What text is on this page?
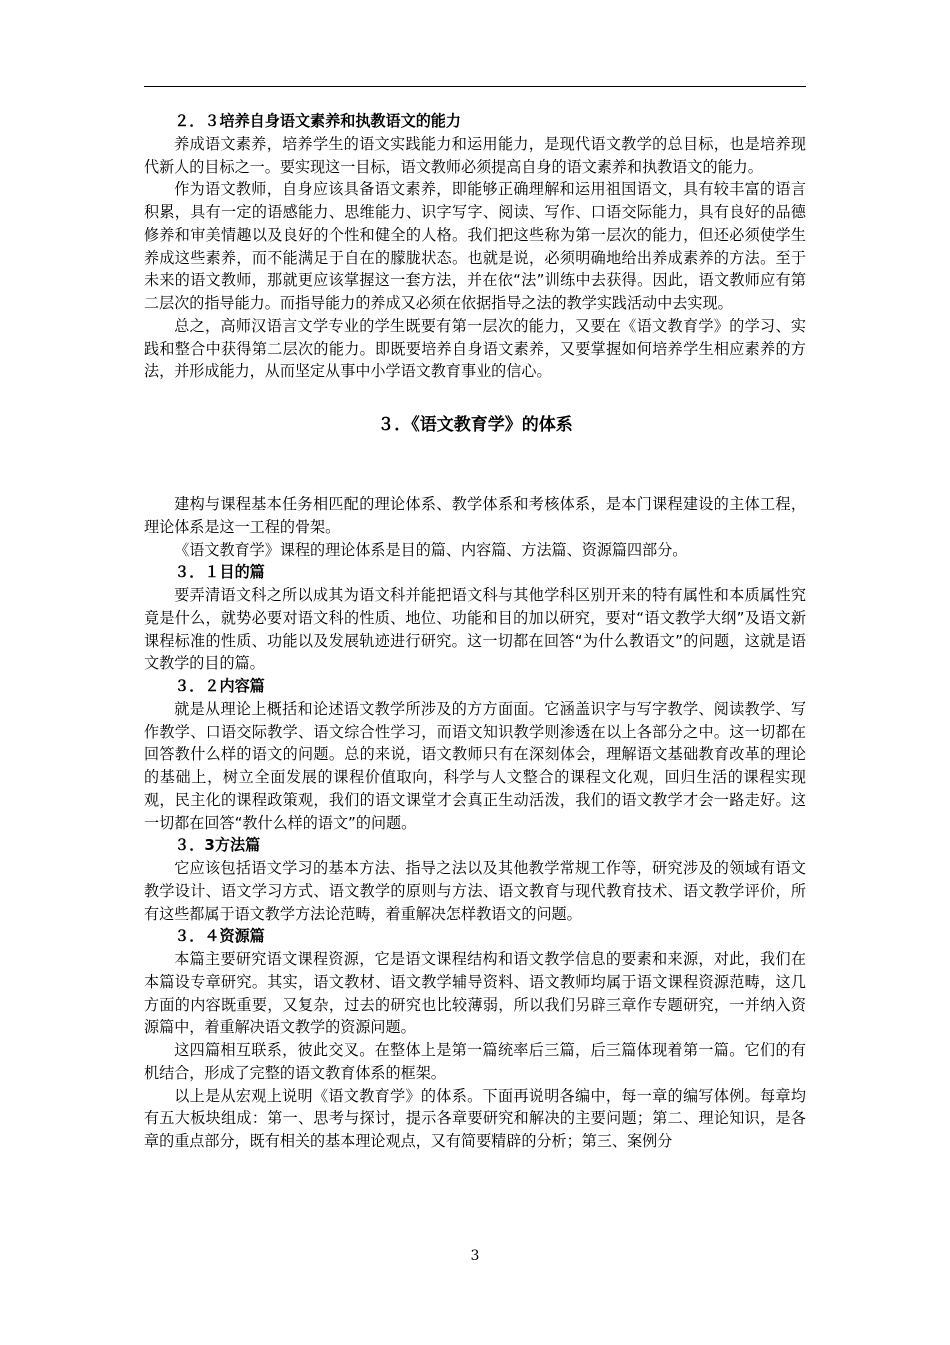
２．３培养自身语文素养和执教语文的能力

养成语文素养，培养学生的语文实践能力和运用能力，是现代语文教学的总目标，也是培养现代新人的目标之一。要实现这一目标，语文教师必须提高自身的语文素养和执教语文的能力。

作为语文教师，自身应该具备语文素养，即能够正确理解和运用祖国语文，具有较丰富的语言积累，具有一定的语感能力、思维能力、识字写字、阅读、写作、口语交际能力，具有良好的品德修养和审美情趣以及良好的个性和健全的人格。我们把这些称为第一层次的能力，但还必须使学生养成这些素养，而不能满足于自在的朦胧状态。也就是说，必须明确地给出养成素养的方法。至于未来的语文教师，那就更应该掌握这一套方法，并在依“法”训练中去获得。因此，语文教师应有第二层次的指导能力。而指导能力的养成又必须在依据指导之法的教学实践活动中去实现。

总之，高师汉语言文学专业的学生既要有第一层次的能力，又要在《语文教育学》的学习、实践和整合中获得第二层次的能力。即既要培养自身语文素养，又要掌握如何培养学生相应素养的方法，并形成能力，从而坚定从事中小学语文教育事业的信心。

３．《语文教育学》的体系

建构与课程基本任务相匹配的理论体系、教学体系和考核体系，是本门课程建设的主体工程，理论体系是这一工程的骨架。

《语文教育学》课程的理论体系是目的篇、内容篇、方法篇、资源篇四部分。

３．１目的篇

要弄清语文科之所以成其为语文科并能把语文科与其他学科区别开来的特有属性和本质属性究竟是什么，就势必要对语文科的性质、地位、功能和目的加以研究，要对“语文教学大纲”及语文新课程标准的性质、功能以及发展轨迹进行研究。这一切都在回答“为什么教语文”的问题，这就是语文教学的目的篇。

３．２内容篇

就是从理论上概括和论述语文教学所涉及的方方面面。它涵盖识字与写字教学、阅读教学、写作教学、口语交际教学、语文综合性学习，而语文知识教学则渗透在以上各部分之中。这一切都在回答教什么样的语文的问题。总的来说，语文教师只有在深刻体会，理解语文基础教育改革的理论的基础上，树立全面发展的课程价值取向，科学与人文整合的课程文化观，回归生活的课程实现观，民主化的课程政策观，我们的语文课堂才会真正生动活泼，我们的语文教学才会一路走好。这一切都在回答“教什么样的语文”的问题。

３．3方法篇

它应该包括语文学习的基本方法、指导之法以及其他教学常规工作等，研究涉及的领域有语文教学设计、语文学习方式、语文教学的原则与方法、语文教育与现代教育技术、语文教学评价，所有这些都属于语文教学方法论范畴，着重解决怎样教语文的问题。

３．４资源篇

本篇主要研究语文课程资源，它是语文课程结构和语文教学信息的要素和来源，对此，我们在本篇设专章研究。其实，语文教材、语文教学辅导资料、语文教师均属于语文课程资源范畴，这几方面的内容既重要，又复杂，过去的研究也比较薄弱，所以我们另辟三章作专题研究，一并纳入资源篇中，着重解决语文教学的资源问题。

这四篇相互联系，彼此交叉。在整体上是第一篇统率后三篇，后三篇体现着第一篇。它们的有机结合，形成了完整的语文教育体系的框架。

以上是从宏观上说明《语文教育学》的体系。下面再说明各编中，每一章的编写体例。每章均有五大板块组成：第一、思考与探讨，提示各章要研究和解决的主要问题；第二、理论知识，是各章的重点部分，既有相关的基本理论观点，又有简要精辟的分析；第三、案例分

3
